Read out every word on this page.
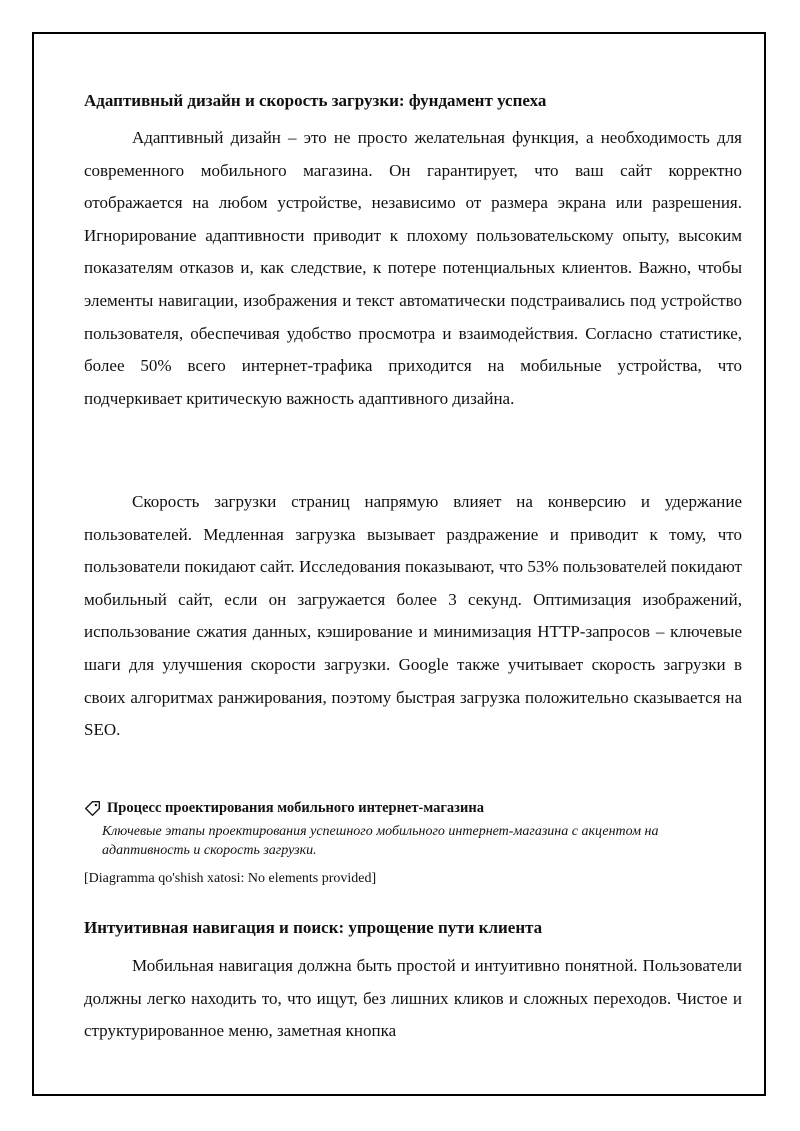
Адаптивный дизайн и скорость загрузки: фундамент успеха

Адаптивный дизайн – это не просто желательная функция, а необходимость для современного мобильного магазина. Он гарантирует, что ваш сайт корректно отображается на любом устройстве, независимо от размера экрана или разрешения. Игнорирование адаптивности приводит к плохому пользовательскому опыту, высоким показателям отказов и, как следствие, к потере потенциальных клиентов. Важно, чтобы элементы навигации, изображения и текст автоматически подстраивались под устройство пользователя, обеспечивая удобство просмотра и взаимодействия. Согласно статистике, более 50% всего интернет-трафика приходится на мобильные устройства, что подчеркивает критическую важность адаптивного дизайна.

Скорость загрузки страниц напрямую влияет на конверсию и удержание пользователей. Медленная загрузка вызывает раздражение и приводит к тому, что пользователи покидают сайт. Исследования показывают, что 53% пользователей покидают мобильный сайт, если он загружается более 3 секунд. Оптимизация изображений, использование сжатия данных, кэширование и минимизация HTTP-запросов – ключевые шаги для улучшения скорости загрузки. Google также учитывает скорость загрузки в своих алгоритмах ранжирования, поэтому быстрая загрузка положительно сказывается на SEO.

Процесс проектирования мобильного интернет-магазина
Ключевые этапы проектирования успешного мобильного интернет-магазина с акцентом на адаптивность и скорость загрузки.
[Diagramma qo'shish xatosi: No elements provided]
Интуитивная навигация и поиск: упрощение пути клиента

Мобильная навигация должна быть простой и интуитивно понятной. Пользователи должны легко находить то, что ищут, без лишних кликов и сложных переходов. Чистое и структурированное меню, заметная кнопка
